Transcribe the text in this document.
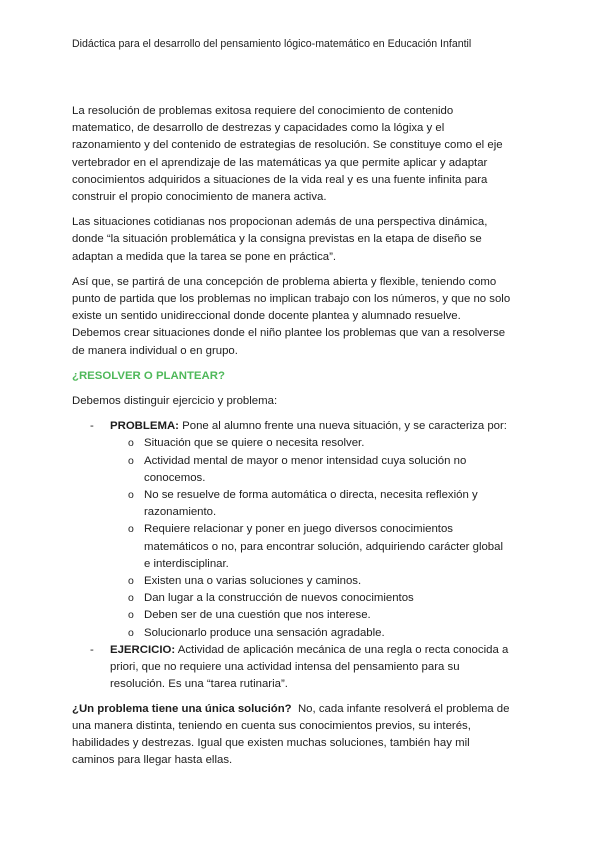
Didáctica para el desarrollo del pensamiento lógico-matemático en Educación Infantil

La resolución de problemas exitosa requiere del conocimiento de contenido
matematico, de desarrollo de destrezas y capacidades como la lógixa y el
razonamiento y del contenido de estrategias de resolución. Se constituye como el eje
vertebrador en el aprendizaje de las matemáticas ya que permite aplicar y adaptar
conocimientos adquiridos a situaciones de la vida real y es una fuente infinita para
construir el propio conocimiento de manera activa.

Las situaciones cotidianas nos propocionan además de una perspectiva dinámica,
donde “la situación problemática y la consigna previstas en la etapa de diseño se
adaptan a medida que la tarea se pone en práctica”.

Así que, se partirá de una concepción de problema abierta y flexible, teniendo como
punto de partida que los problemas no implican trabajo con los números, y que no solo
existe un sentido unidireccional donde docente plantea y alumnado resuelve.
Debemos crear situaciones donde el niño plantee los problemas que van a resolverse
de manera individual o en grupo.

¿RESOLVER O PLANTEAR?

Debemos distinguir ejercicio y problema:

- PROBLEMA: Pone al alumno frente una nueva situación, y se caracteriza por:
o Situación que se quiere o necesita resolver.
o Actividad mental de mayor o menor intensidad cuya solución no
conocemos.
o No se resuelve de forma automática o directa, necesita reflexión y
razonamiento.
o Requiere relacionar y poner en juego diversos conocimientos
matemáticos o no, para encontrar solución, adquiriendo carácter global
e interdisciplinar.
o Existen una o varias soluciones y caminos.
o Dan lugar a la construcción de nuevos conocimientos
o Deben ser de una cuestión que nos interese.
o Solucionarlo produce una sensación agradable.
- EJERCICIO: Actividad de aplicación mecánica de una regla o recta conocida a
priori, que no requiere una actividad intensa del pensamiento para su
resolución. Es una “tarea rutinaria”.

¿Un problema tiene una única solución?  No, cada infante resolverá el problema de
una manera distinta, teniendo en cuenta sus conocimientos previos, su interés,
habilidades y destrezas. Igual que existen muchas soluciones, también hay mil
caminos para llegar hasta ellas.
